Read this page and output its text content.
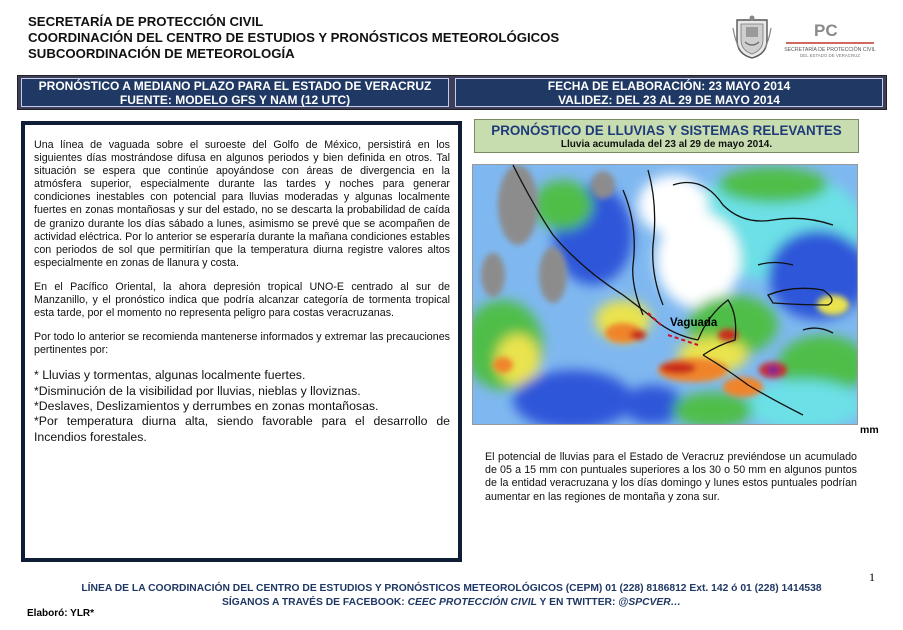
SECRETARÍA DE PROTECCIÓN CIVIL
COORDINACIÓN DEL CENTRO DE ESTUDIOS Y PRONÓSTICOS METEOROLÓGICOS
SUBCOORDINACIÓN DE METEOROLOGÍA
PC
SECRETARÍA DE PROTECCIÓN CIVIL
DEL ESTADO DE VERACRUZ
PRONÓSTICO A MEDIANO PLAZO PARA EL ESTADO DE VERACRUZ
FUENTE: MODELO GFS Y NAM (12 UTC)
FECHA DE ELABORACIÓN: 23 MAYO 2014
VALIDEZ: DEL 23 AL 29 DE MAYO 2014

Una línea de vaguada sobre el suroeste del Golfo de México, persistirá en los siguientes días mostrándose difusa en algunos periodos y bien definida en otros. Tal situación se espera que continúe apoyándose con áreas de divergencia en la atmósfera superior, especialmente durante las tardes y noches para generar condiciones inestables con potencial para lluvias moderadas y algunas localmente fuertes en zonas montañosas y sur del estado, no se descarta la probabilidad de caída de granizo durante los días sábado a lunes, asimismo se prevé que se acompañen de actividad eléctrica. Por lo anterior se esperaría durante la mañana condiciones estables con periodos de sol que permitirían que la temperatura diurna registre valores altos especialmente en zonas de llanura y costa.

En el Pacífico Oriental, la ahora depresión tropical UNO-E centrado al sur de Manzanillo, y el pronóstico indica que podría alcanzar categoría de tormenta tropical esta tarde, por el momento no representa peligro para costas veracruzanas.

Por todo lo anterior se recomienda mantenerse informados y extremar las precauciones pertinentes por:

* Lluvias y tormentas, algunas localmente fuertes.
*Disminución de la visibilidad por lluvias, nieblas y lloviznas.
*Deslaves, Deslizamientos y derrumbes en zonas montañosas.
*Por temperatura diurna alta, siendo favorable para el desarrollo de Incendios forestales.
PRONÓSTICO DE LLUVIAS Y SISTEMAS RELEVANTES
Lluvia acumulada del 23 al 29 de mayo 2014.
Vaguada
mm
El potencial de lluvias para el Estado de Veracruz previéndose un acumulado de 05 a 15 mm con puntuales superiores a los 30 o 50 mm en algunos puntos de la entidad veracruzana y los días domingo y lunes estos puntuales podrían aumentar en las regiones de montaña y zona sur.
1
LÍNEA DE LA COORDINACIÓN DEL CENTRO DE ESTUDIOS Y PRONÓSTICOS METEOROLÓGICOS (CEPM) 01 (228) 8186812 Ext. 142 ó 01 (228) 1414538
SÍGANOS A TRAVÉS DE FACEBOOK: CEEC PROTECCIÓN CIVIL Y EN TWITTER: @SPCVER…
Elaboró: YLR*
